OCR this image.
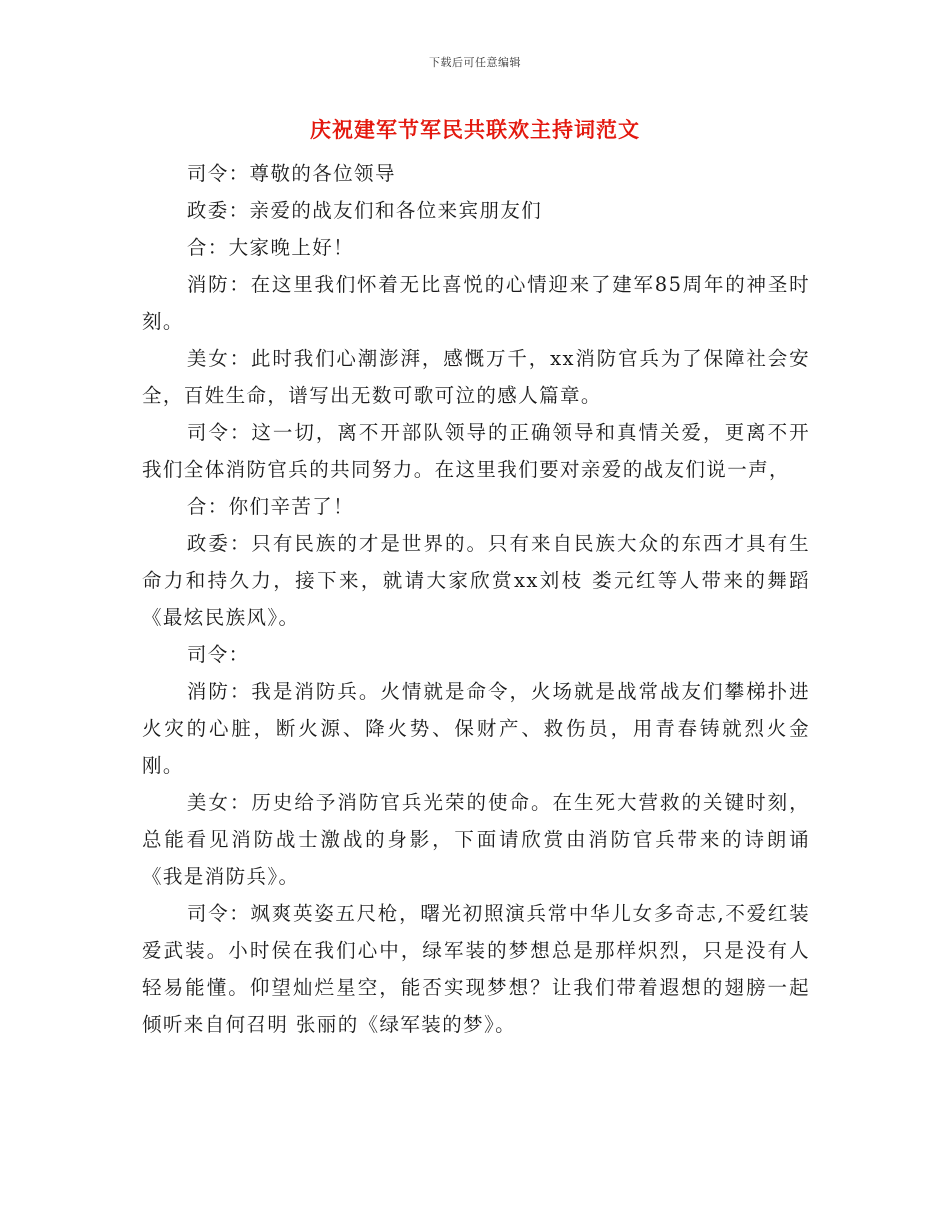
下载后可任意编辑
庆祝建军节军民共联欢主持词范文

司令：尊敬的各位领导

政委：亲爱的战友们和各位来宾朋友们

合：大家晚上好！

消防：在这里我们怀着无比喜悦的心情迎来了建军85周年的神圣时刻。

美女：此时我们心潮澎湃，感慨万千，xx消防官兵为了保障社会安全，百姓生命，谱写出无数可歌可泣的感人篇章。

司令：这一切，离不开部队领导的正确领导和真情关爱，更离不开我们全体消防官兵的共同努力。在这里我们要对亲爱的战友们说一声，

合：你们辛苦了！

政委：只有民族的才是世界的。只有来自民族大众的东西才具有生命力和持久力，接下来，就请大家欣赏xx刘枝 娄元红等人带来的舞蹈《最炫民族风》。

司令：

消防：我是消防兵。火情就是命令，火场就是战常战友们攀梯扑进火灾的心脏，断火源、降火势、保财产、救伤员，用青春铸就烈火金刚。

美女：历史给予消防官兵光荣的使命。在生死大营救的关键时刻，总能看见消防战士激战的身影，下面请欣赏由消防官兵带来的诗朗诵《我是消防兵》。

司令：飒爽英姿五尺枪，曙光初照演兵常中华儿女多奇志,不爱红装爱武装。小时侯在我们心中，绿军装的梦想总是那样炽烈，只是没有人轻易能懂。仰望灿烂星空，能否实现梦想？让我们带着遐想的翅膀一起倾听来自何召明 张丽的《绿军装的梦》。
